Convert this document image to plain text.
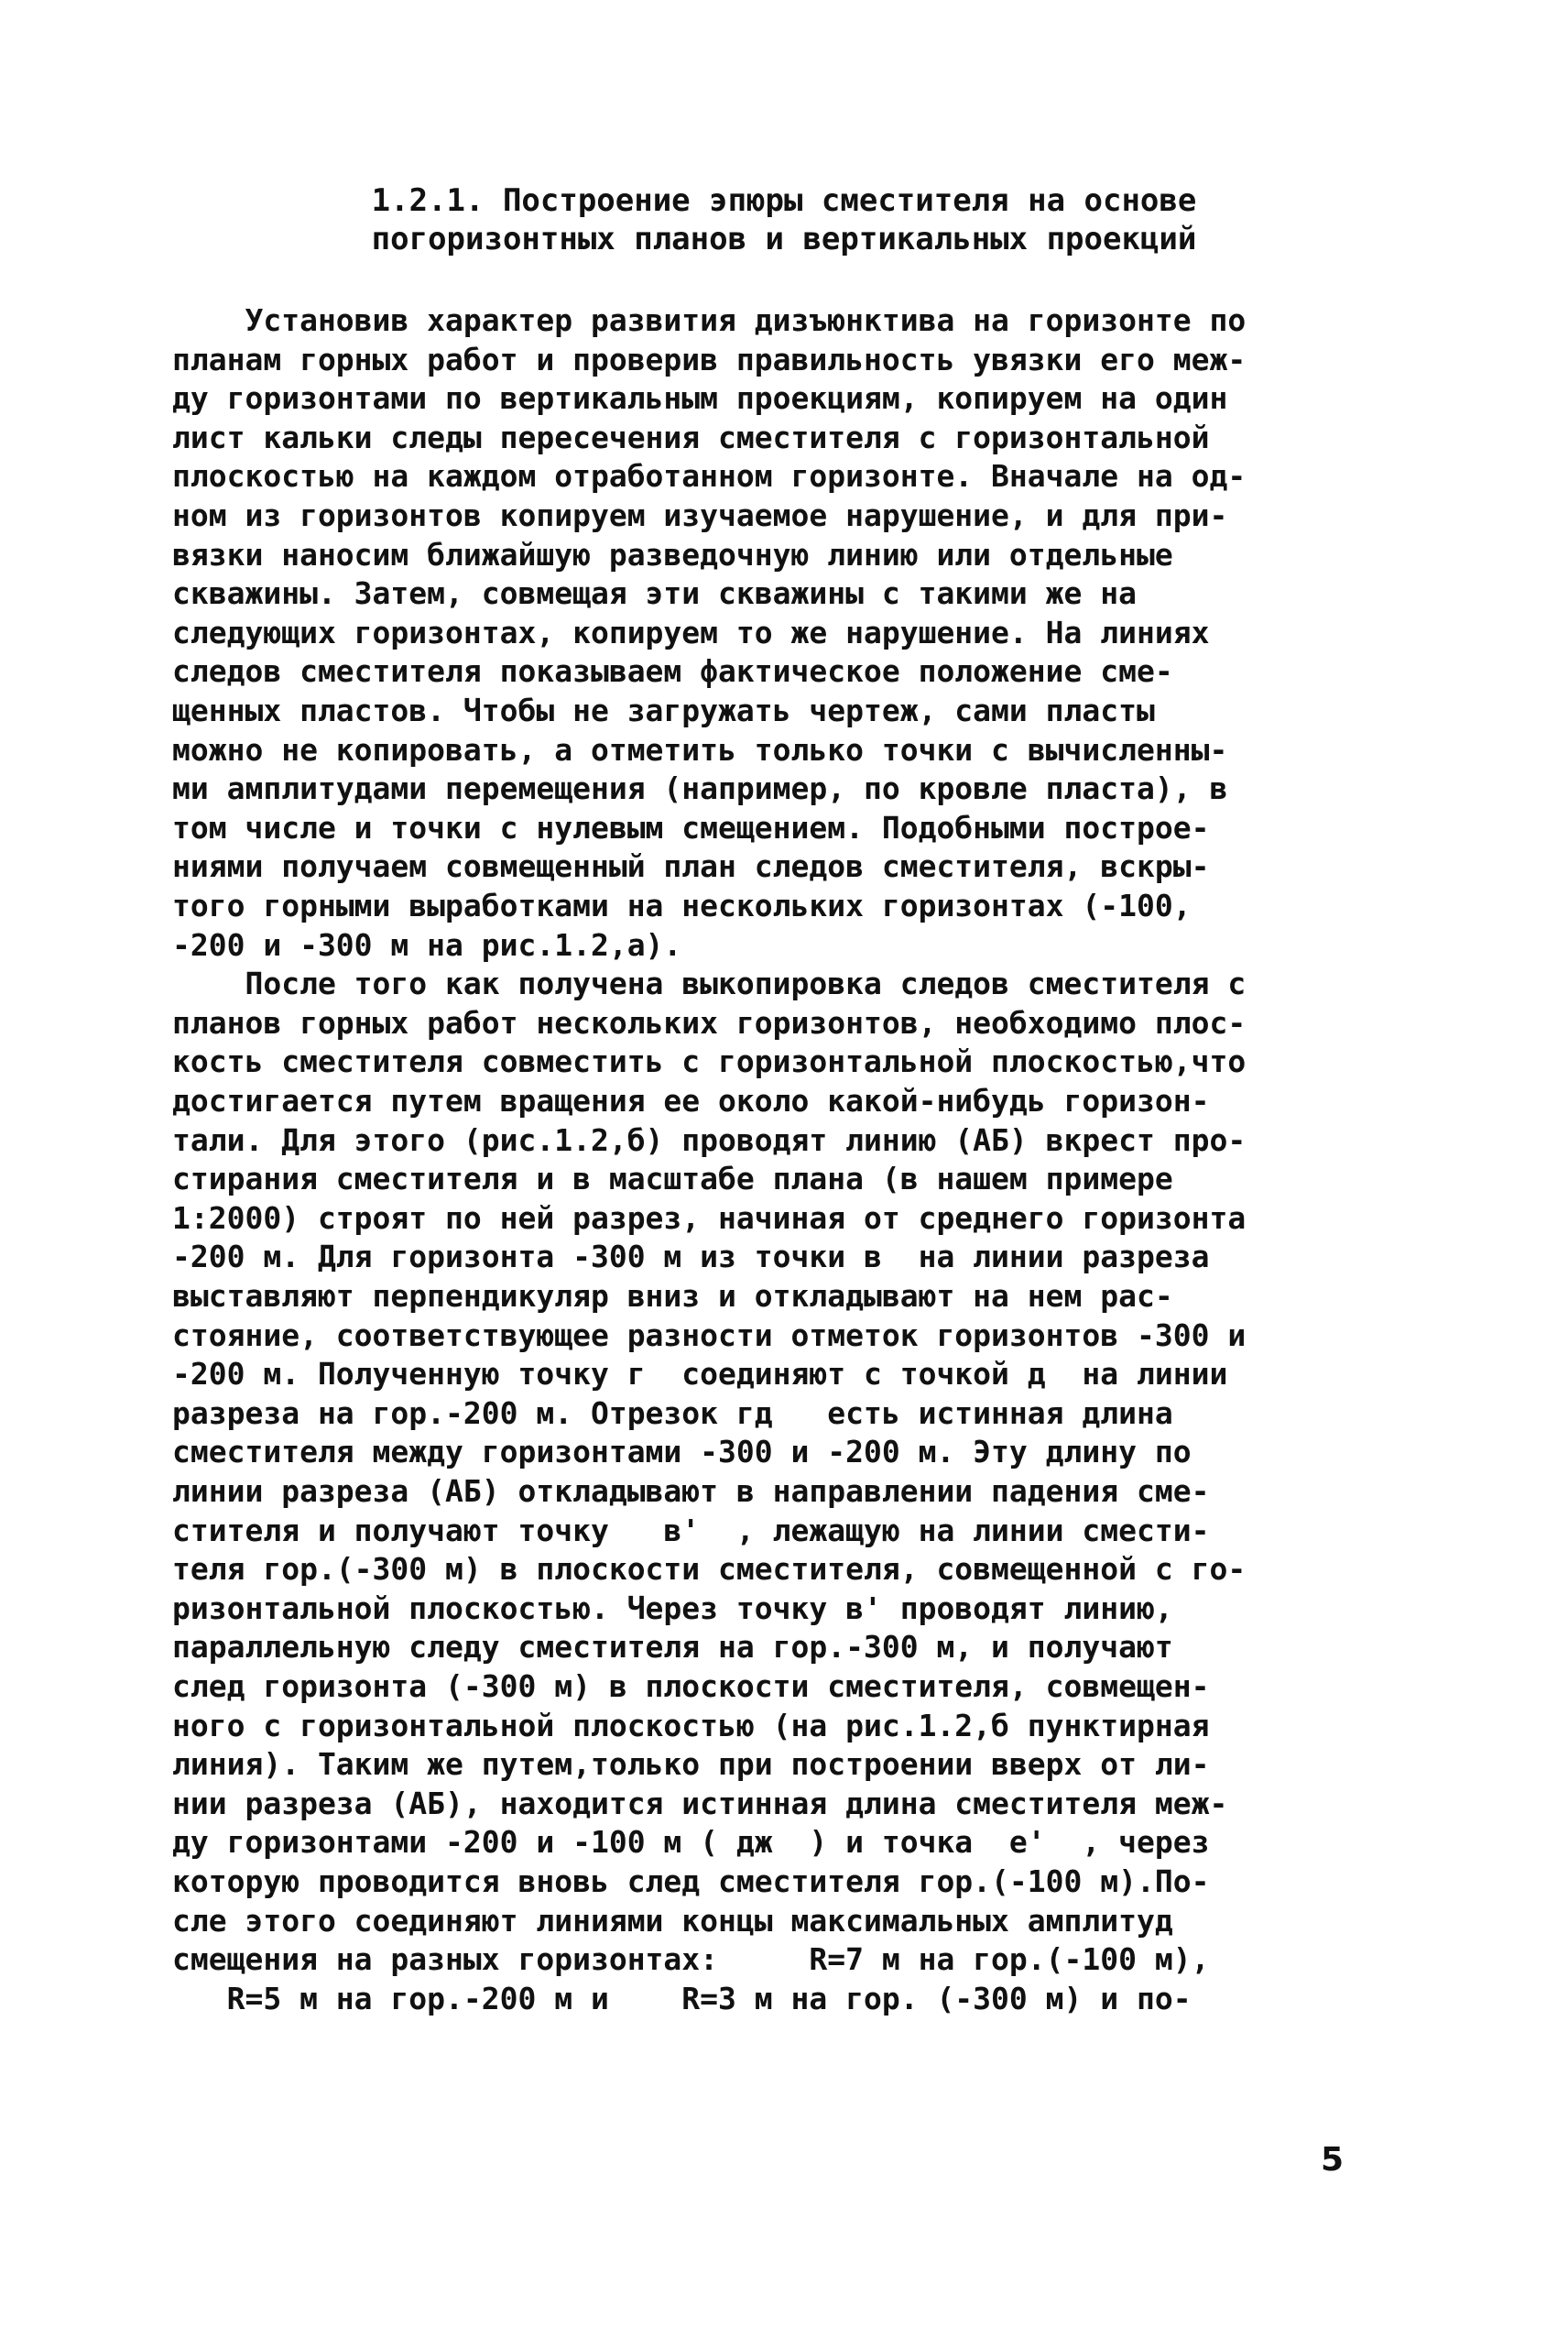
1.2.1. Построение эпюры сместителя на основе

погоризонтных планов и вертикальных проекций

Установив характер развития дизъюнктива на горизонте по

планам горных работ и проверив правильность увязки его меж-

ду горизонтами по вертикальным проекциям, копируем на один

лист кальки следы пересечения сместителя с горизонтальной

плоскостью на каждом отработанном горизонте. Вначале на од-

ном из горизонтов копируем изучаемое нарушение, и для при-

вязки наносим ближайшую разведочную линию или отдельные

скважины. Затем, совмещая эти скважины с такими же на

следующих горизонтах, копируем то же нарушение. На линиях

следов сместителя показываем фактическое положение сме-

щенных пластов. Чтобы не загружать чертеж, сами пласты

можно не копировать, а отметить только точки с вычисленны-

ми амплитудами перемещения (например, по кровле пласта), в

том числе и точки с нулевым смещением. Подобными построе-

ниями получаем совмещенный план следов сместителя, вскры-

того горными выработками на нескольких горизонтах (-100,

-200 и -300 м на рис.1.2,а).

После того как получена выкопировка следов сместителя с

планов горных работ нескольких горизонтов, необходимо плос-

кость сместителя совместить с горизонтальной плоскостью,что

достигается путем вращения ее около какой-нибудь горизон-

тали. Для этого (рис.1.2,б) проводят линию (АБ) вкрест про-

стирания сместителя и в масштабе плана (в нашем примере

1:2000) строят по ней разрез, начиная от среднего горизонта

-200 м. Для горизонта -300 м из точки в  на линии разреза

выставляют перпендикуляр вниз и откладывают на нем рас-

стояние, соответствующее разности отметок горизонтов -300 и

-200 м. Полученную точку г  соединяют с точкой д  на линии

разреза на гор.-200 м. Отрезок гд   есть истинная длина

сместителя между горизонтами -300 и -200 м. Эту длину по

линии разреза (АБ) откладывают в направлении падения сме-

стителя и получают точку   в'  , лежащую на линии смести-

теля гор.(-300 м) в плоскости сместителя, совмещенной с го-

ризонтальной плоскостью. Через точку в' проводят линию,

параллельную следу сместителя на гор.-300 м, и получают

след горизонта (-300 м) в плоскости сместителя, совмещен-

ного с горизонтальной плоскостью (на рис.1.2,б пунктирная

линия). Таким же путем,только при построении вверх от ли-

нии разреза (АБ), находится истинная длина сместителя меж-

ду горизонтами -200 и -100 м ( дж  ) и точка  е'  , через

которую проводится вновь след сместителя гор.(-100 м).По-

сле этого соединяют линиями концы максимальных амплитуд

смещения на разных горизонтах:     R=7 м на гор.(-100 м),

R=5 м на гор.-200 м и    R=3 м на гор. (-300 м) и по-

5
